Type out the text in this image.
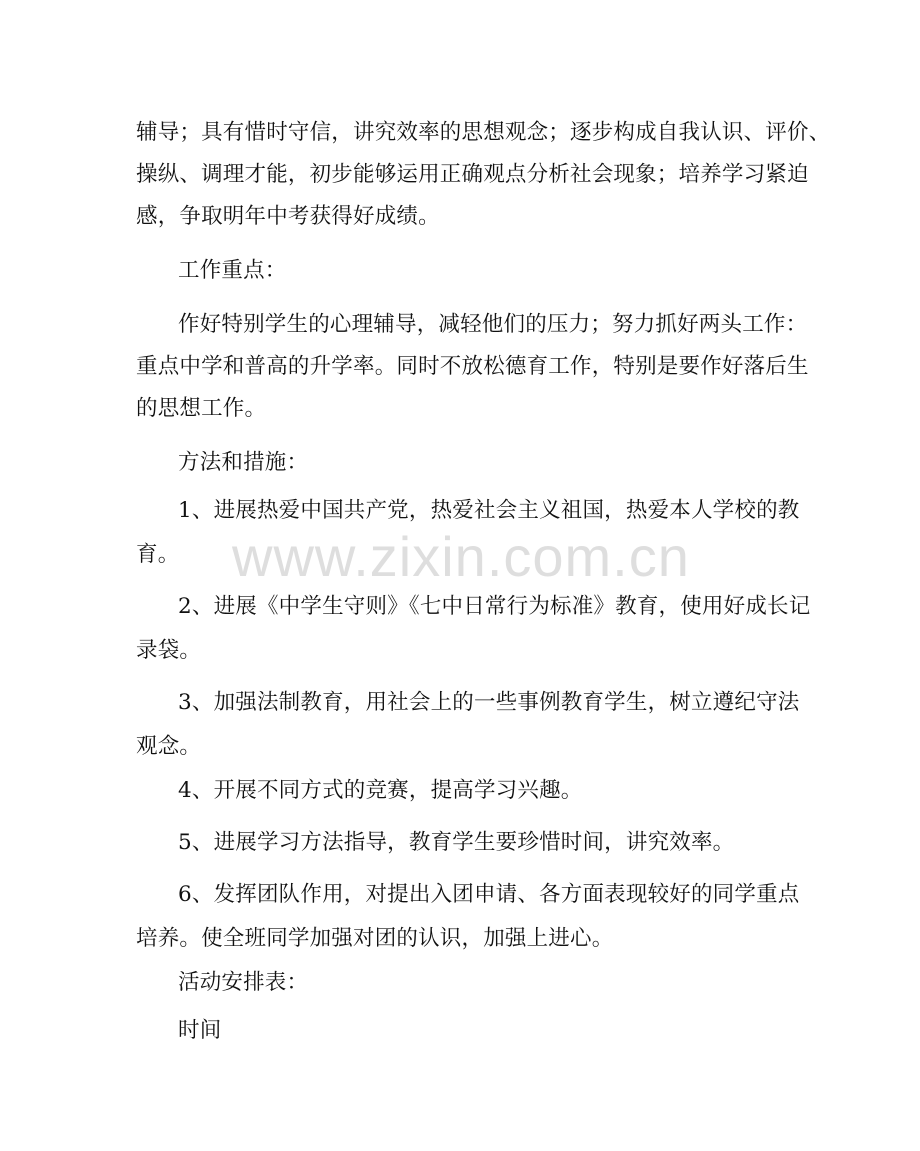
辅导；具有惜时守信，讲究效率的思想观念；逐步构成自我认识、评价、
操纵、调理才能，初步能够运用正确观点分析社会现象；培养学习紧迫
感，争取明年中考获得好成绩。
工作重点：
作好特别学生的心理辅导，减轻他们的压力；努力抓好两头工作：
重点中学和普高的升学率。同时不放松德育工作，特别是要作好落后生
的思想工作。
方法和措施：
1、进展热爱中国共产党，热爱社会主义祖国，热爱本人学校的教
育。
2、进展《中学生守则》《七中日常行为标准》教育，使用好成长记
录袋。
3、加强法制教育，用社会上的一些事例教育学生，树立遵纪守法
观念。
4、开展不同方式的竞赛，提高学习兴趣。
5、进展学习方法指导，教育学生要珍惜时间，讲究效率。
6、发挥团队作用，对提出入团申请、各方面表现较好的同学重点
培养。使全班同学加强对团的认识，加强上进心。
活动安排表：
时间
www.zixin.com.cn
